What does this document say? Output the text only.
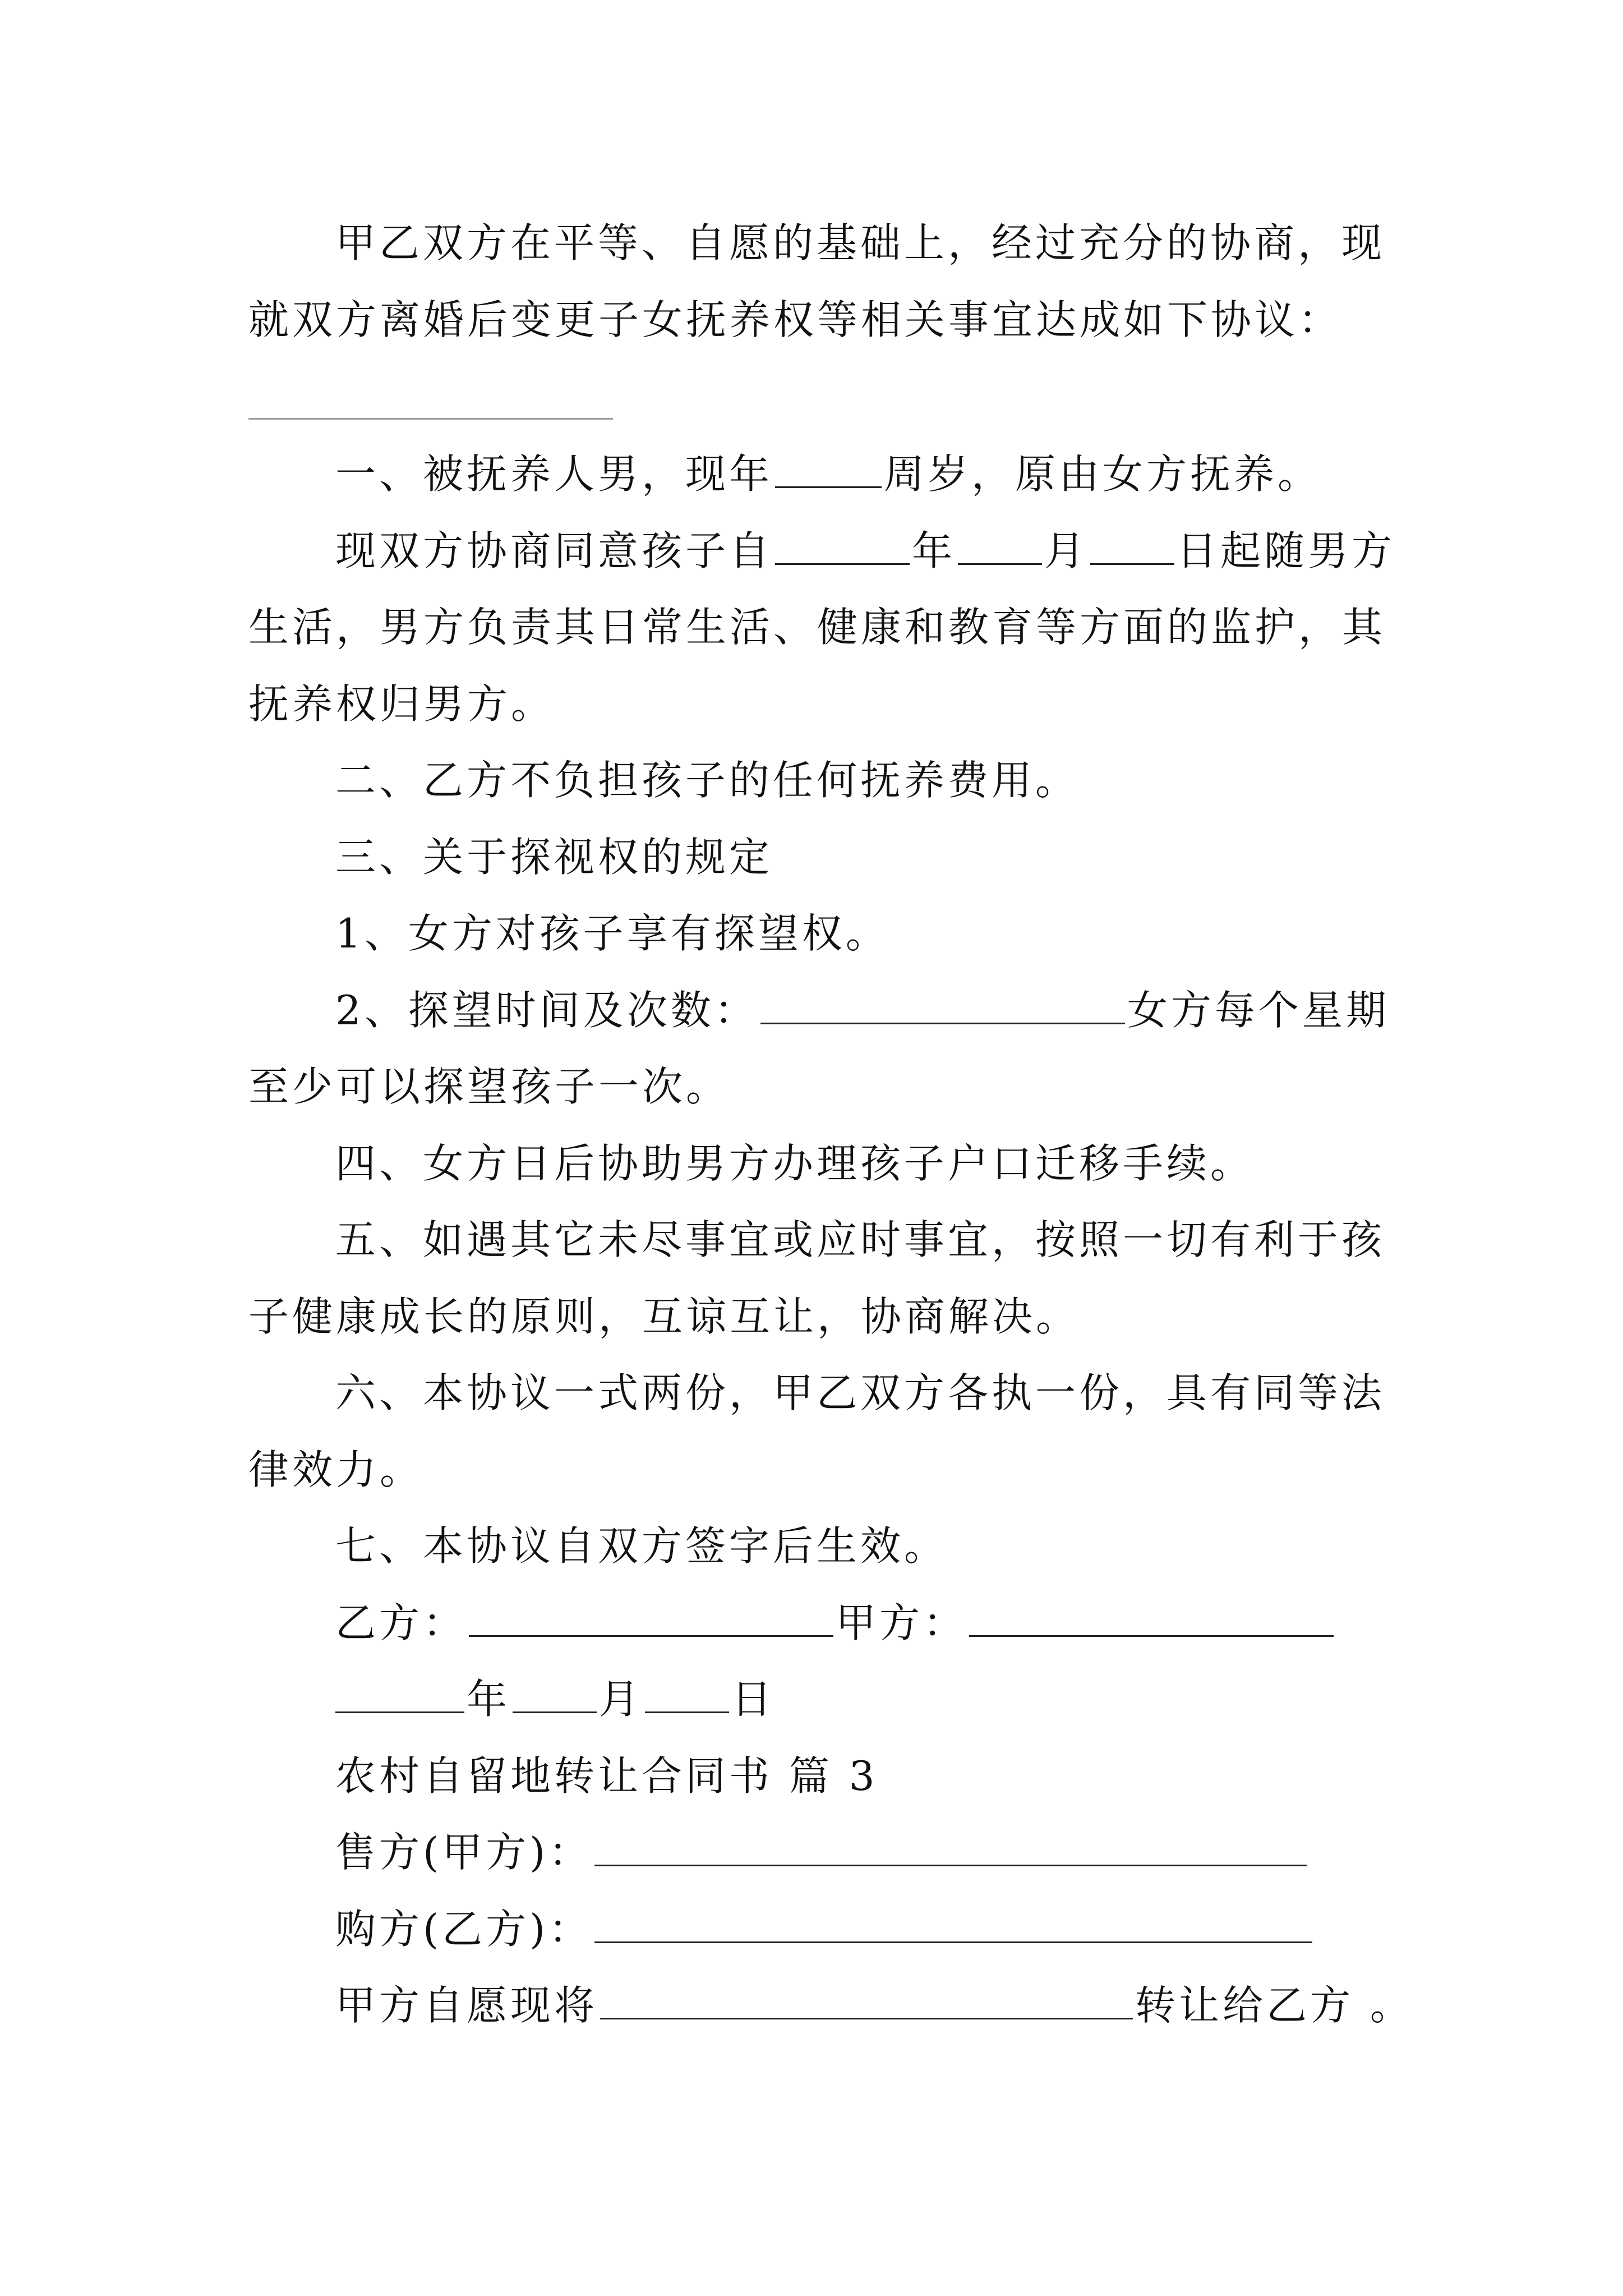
甲乙双方在平等、自愿的基础上，经过充分的协商，现
就双方离婚后变更子女抚养权等相关事宜达成如下协议：
一、被抚养人男，现年	周岁，原由女方抚养。
现双方协商同意孩子自	年 月 日起随男方
生活，男方负责其日常生活、健康和教育等方面的监护，其
抚养权归男方。
二、乙方不负担孩子的任何抚养费用。
三、关于探视权的规定
1、女方对孩子享有探望权。
2、探望时间及次数：	女方每个星期
至少可以探望孩子一次。
四、女方日后协助男方办理孩子户口迁移手续。
五、如遇其它未尽事宜或应时事宜，按照一切有利于孩
子健康成长的原则，互谅互让，协商解决。
六、本协议一式两份，甲乙双方各执一份，具有同等法
律效力。
七、本协议自双方签字后生效。
乙方：	甲方：
年 月 日
农村自留地转让合同书 篇 3
售方(甲方)：
购方(乙方)：
甲方自愿现将	转让给乙方 。
